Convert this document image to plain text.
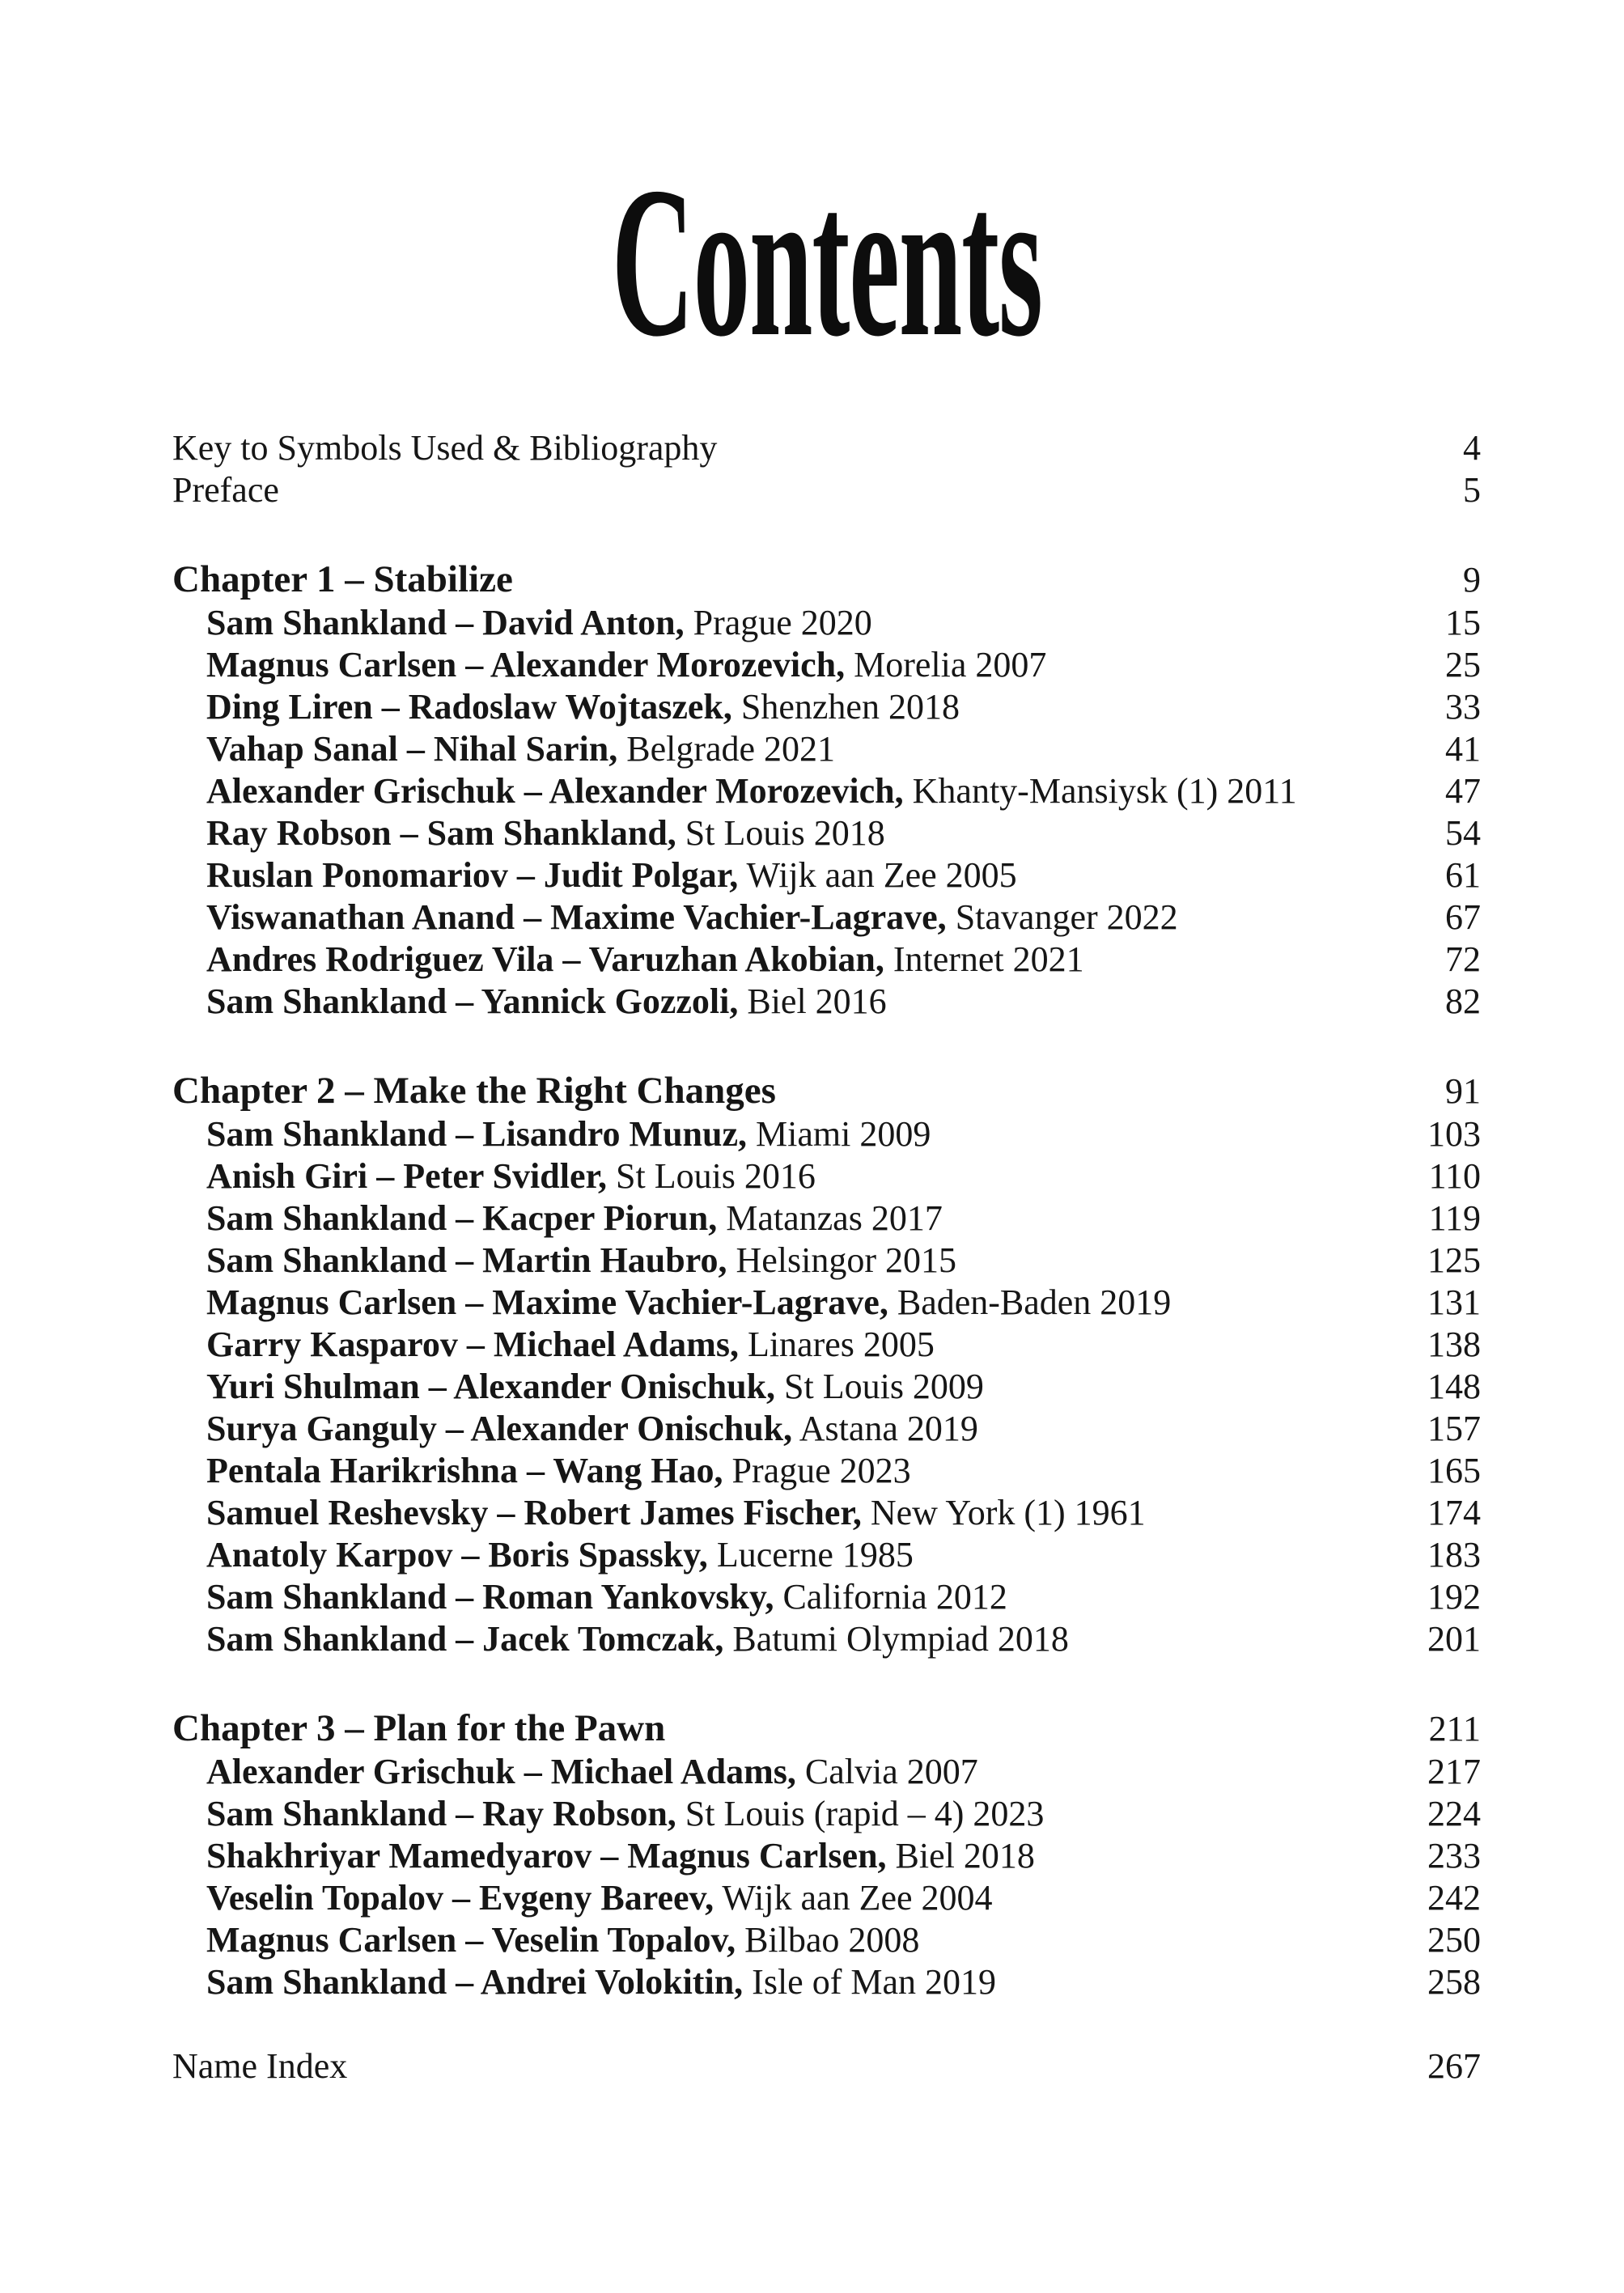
Contents
Key to Symbols Used & Bibliography	4
Preface	5
Chapter 1 – Stabilize	9
Sam Shankland – David Anton, Prague 2020	15
Magnus Carlsen – Alexander Morozevich, Morelia 2007	25
Ding Liren – Radoslaw Wojtaszek, Shenzhen 2018	33
Vahap Sanal – Nihal Sarin, Belgrade 2021	41
Alexander Grischuk – Alexander Morozevich, Khanty-Mansiysk (1) 2011	47
Ray Robson – Sam Shankland, St Louis 2018	54
Ruslan Ponomariov – Judit Polgar, Wijk aan Zee 2005	61
Viswanathan Anand – Maxime Vachier-Lagrave, Stavanger 2022	67
Andres Rodriguez Vila – Varuzhan Akobian, Internet 2021	72
Sam Shankland – Yannick Gozzoli, Biel 2016	82
Chapter 2 – Make the Right Changes	91
Sam Shankland – Lisandro Munuz, Miami 2009	103
Anish Giri – Peter Svidler, St Louis 2016	110
Sam Shankland – Kacper Piorun, Matanzas 2017	119
Sam Shankland – Martin Haubro, Helsingor 2015	125
Magnus Carlsen – Maxime Vachier-Lagrave, Baden-Baden 2019	131
Garry Kasparov – Michael Adams, Linares 2005	138
Yuri Shulman – Alexander Onischuk, St Louis 2009	148
Surya Ganguly – Alexander Onischuk, Astana 2019	157
Pentala Harikrishna – Wang Hao, Prague 2023	165
Samuel Reshevsky – Robert James Fischer, New York (1) 1961	174
Anatoly Karpov – Boris Spassky, Lucerne 1985	183
Sam Shankland – Roman Yankovsky, California 2012	192
Sam Shankland – Jacek Tomczak, Batumi Olympiad 2018	201
Chapter 3 – Plan for the Pawn	211
Alexander Grischuk – Michael Adams, Calvia 2007	217
Sam Shankland – Ray Robson, St Louis (rapid – 4) 2023	224
Shakhriyar Mamedyarov – Magnus Carlsen, Biel 2018	233
Veselin Topalov – Evgeny Bareev, Wijk aan Zee 2004	242
Magnus Carlsen – Veselin Topalov, Bilbao 2008	250
Sam Shankland – Andrei Volokitin, Isle of Man 2019	258
Name Index	267
